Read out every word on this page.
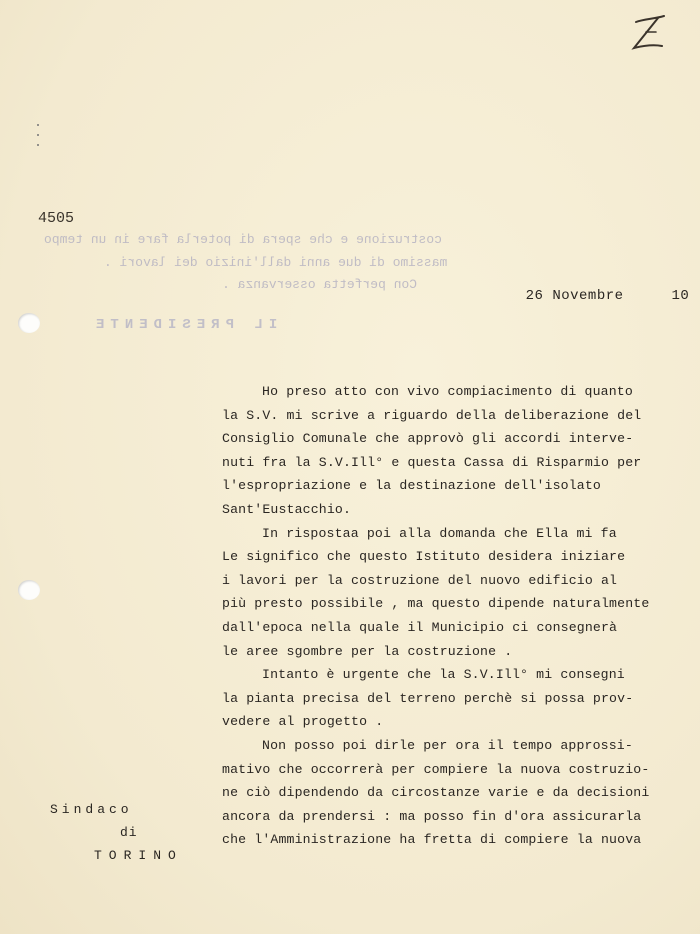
4505
costruzione e che spera di poterla fare in un tempo
massimo di due anni dall'inizio dei lavori .
Con perfetta osservanza .
IL PRESIDENTE

26 Novembre	10

Ho preso atto con vivo compiacimento di quanto

la S.V. mi scrive a riguardo della deliberazione del

Consiglio Comunale che approvò gli accordi interve-

nuti fra la S.V.Ill° e questa Cassa di Risparmio per

l'espropriazione e la destinazione dell'isolato

Sant'Eustacchio.

In rispostaa poi alla domanda che Ella mi fa

Le significo che questo Istituto desidera iniziare

i lavori per la costruzione del nuovo edificio al

più presto possibile , ma questo dipende naturalmente

dall'epoca nella quale il Municipio ci consegnerà

le aree sgombre per la costruzione .

Intanto è urgente che la S.V.Ill° mi consegni

la pianta precisa del terreno perchè si possa prov-

vedere al progetto .

Non posso poi dirle per ora il tempo approssi-

mativo che occorrerà per compiere la nuova costruzio-

ne ciò dipendendo da circostanze varie e da decisioni

ancora da prendersi : ma posso fin d'ora assicurarla

che l'Amministrazione ha fretta di compiere la nuova

Sindaco
di
TORINO
